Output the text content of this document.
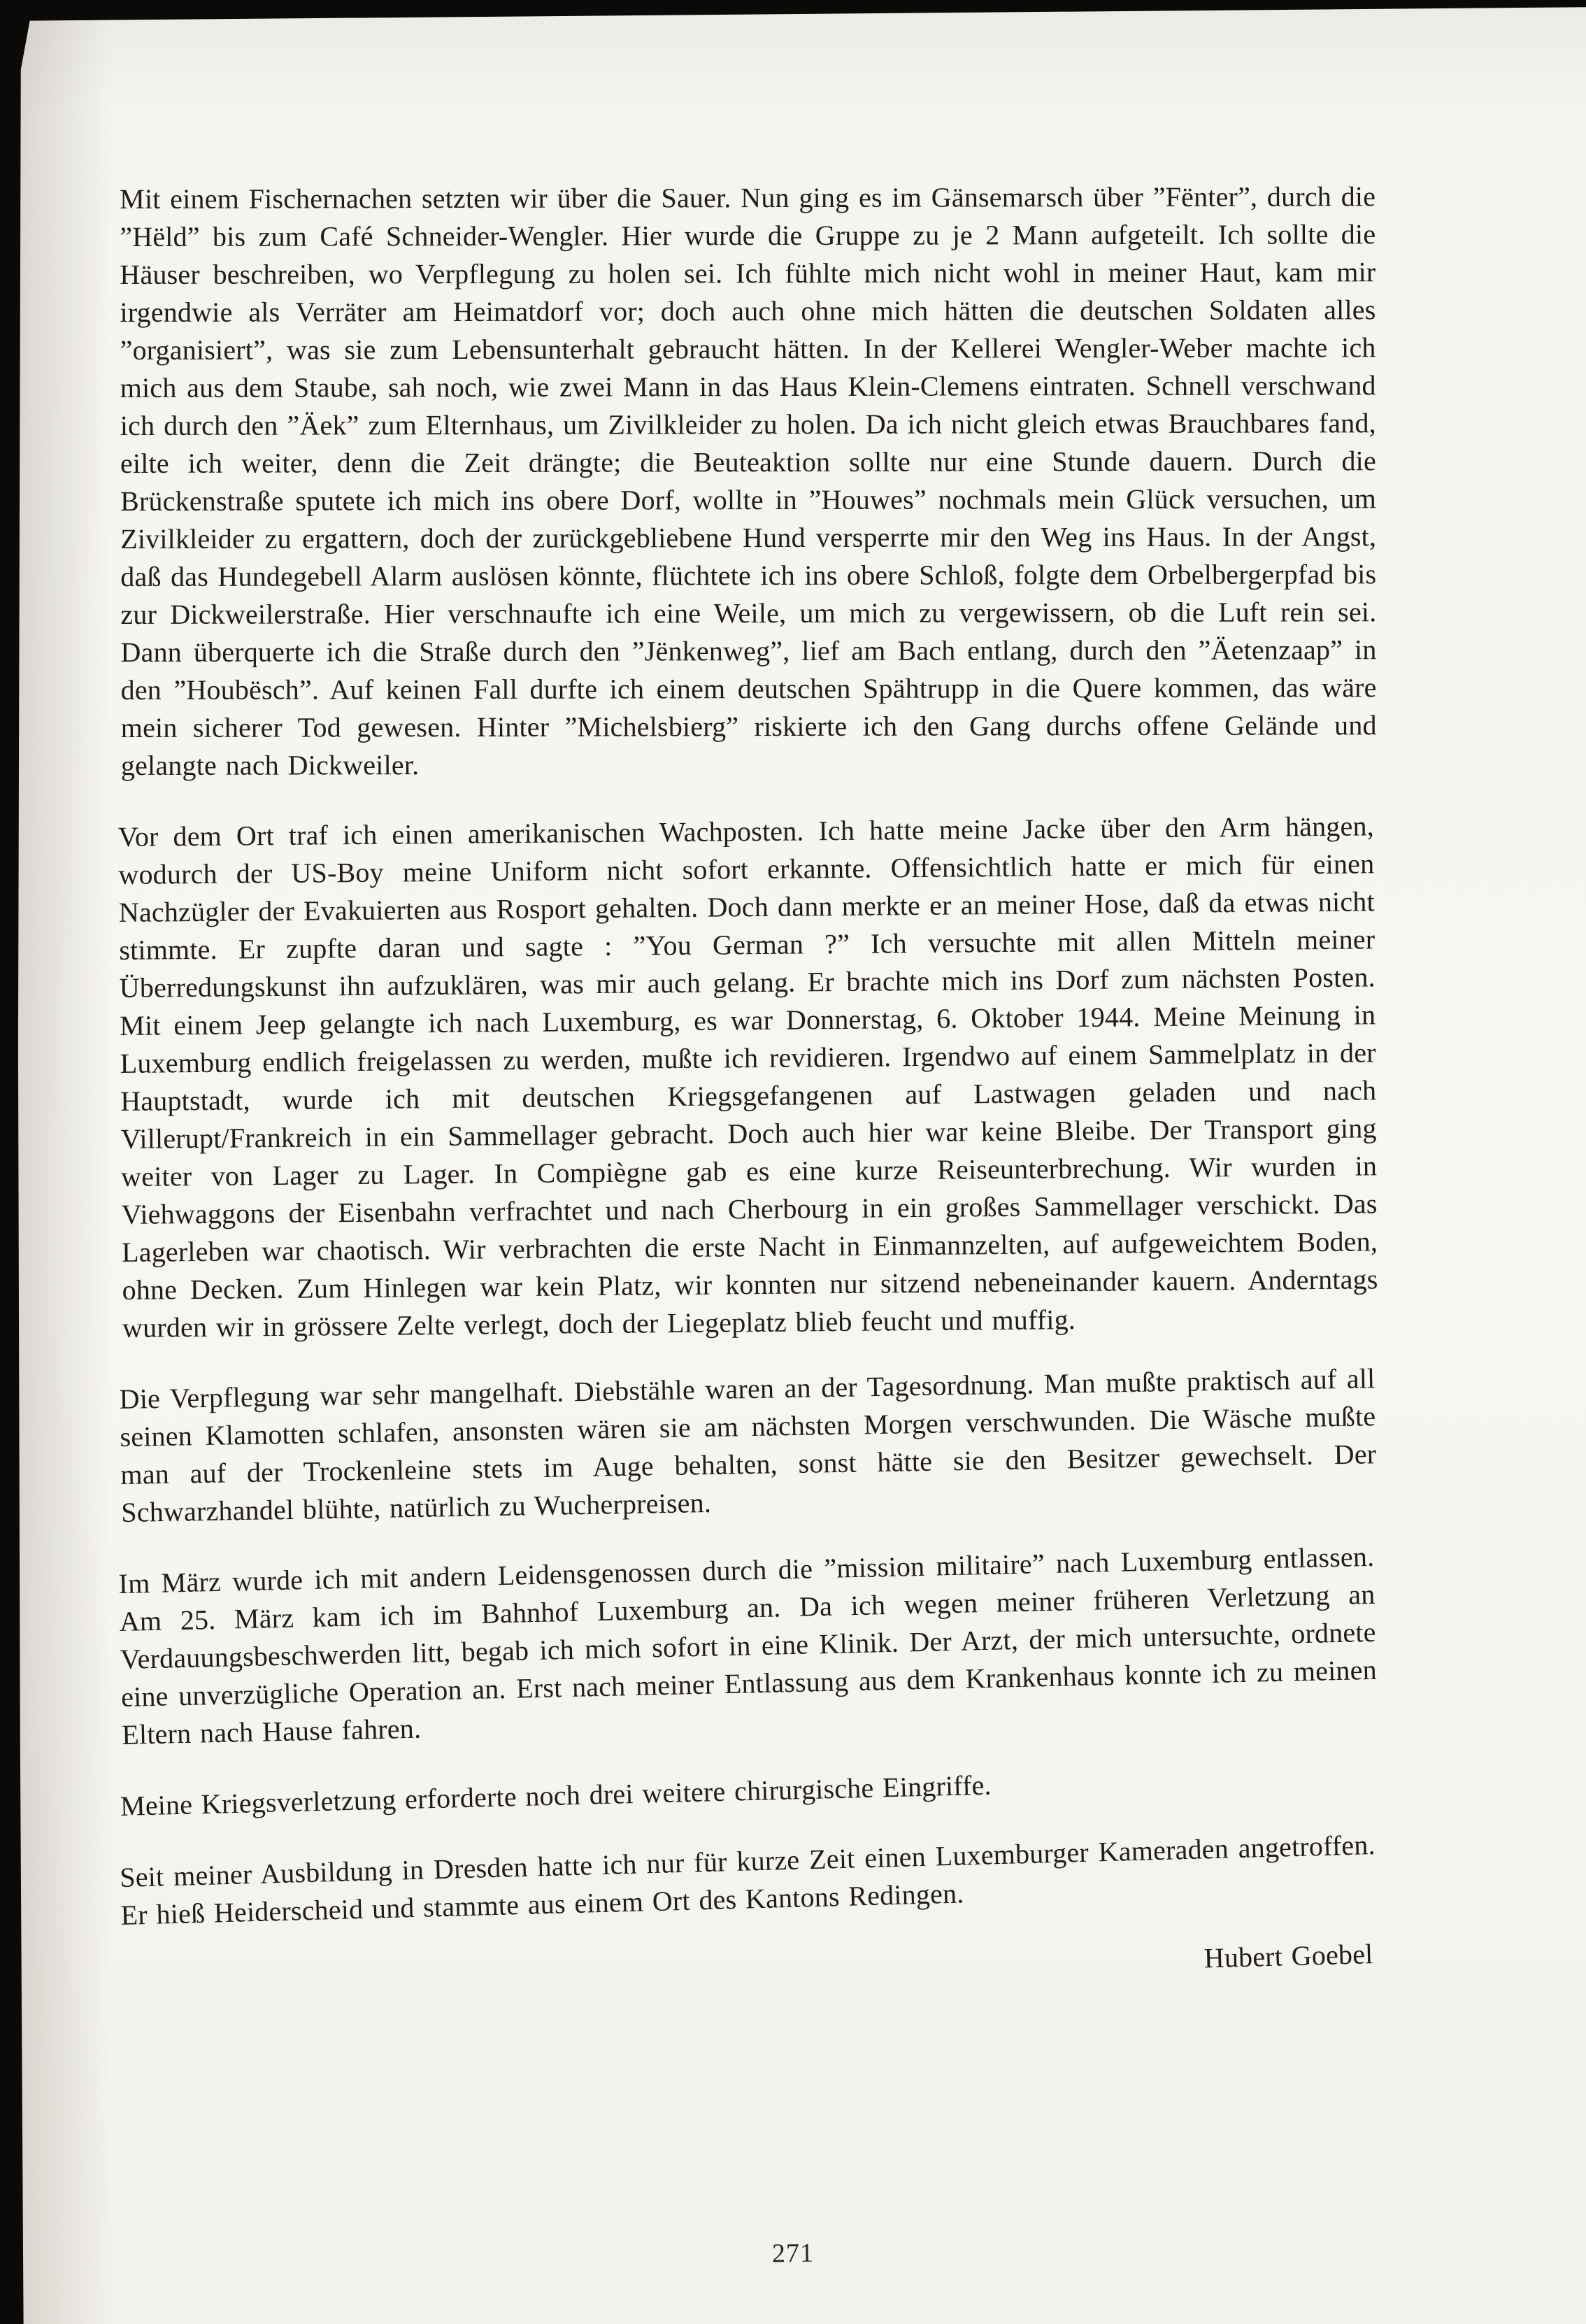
Mit einem Fischernachen setzten wir über die Sauer. Nun ging es im Gänsemarsch über ”Fënter”, durch die ”Hëld” bis zum Café Schneider-Wengler. Hier wurde die Gruppe zu je 2 Mann aufgeteilt. Ich sollte die Häuser beschreiben, wo Verpflegung zu holen sei. Ich fühlte mich nicht wohl in meiner Haut, kam mir irgendwie als Verräter am Heimatdorf vor; doch auch ohne mich hätten die deutschen Soldaten alles ”organisiert”, was sie zum Lebensunterhalt gebraucht hätten. In der Kellerei Wengler-Weber machte ich mich aus dem Staube, sah noch, wie zwei Mann in das Haus Klein-Clemens eintraten. Schnell verschwand ich durch den ”Äek” zum Elternhaus, um Zivilkleider zu holen. Da ich nicht gleich etwas Brauchbares fand, eilte ich weiter, denn die Zeit drängte; die Beuteaktion sollte nur eine Stunde dauern. Durch die Brückenstraße sputete ich mich ins obere Dorf, wollte in ”Houwes” nochmals mein Glück versuchen, um Zivilkleider zu ergattern, doch der zurückgebliebene Hund versperrte mir den Weg ins Haus. In der Angst, daß das Hundegebell Alarm auslösen könnte, flüchtete ich ins obere Schloß, folgte dem Orbelbergerpfad bis zur Dickweilerstraße. Hier verschnaufte ich eine Weile, um mich zu vergewissern, ob die Luft rein sei. Dann überquerte ich die Straße durch den ”Jënkenweg”, lief am Bach entlang, durch den ”Äetenzaap” in den ”Houbësch”. Auf keinen Fall durfte ich einem deutschen Spähtrupp in die Quere kommen, das wäre mein sicherer Tod gewesen. Hinter ”Michelsbierg” riskierte ich den Gang durchs offene Gelände und gelangte nach Dickweiler.

Vor dem Ort traf ich einen amerikanischen Wachposten. Ich hatte meine Jacke über den Arm hängen, wodurch der US-Boy meine Uniform nicht sofort erkannte. Offensichtlich hatte er mich für einen Nachzügler der Evakuierten aus Rosport gehalten. Doch dann merkte er an meiner Hose, daß da etwas nicht stimmte. Er zupfte daran und sagte : ”You German ?” Ich versuchte mit allen Mitteln meiner Überredungskunst ihn aufzuklären, was mir auch gelang. Er brachte mich ins Dorf zum nächsten Posten. Mit einem Jeep gelangte ich nach Luxemburg, es war Donnerstag, 6. Oktober 1944. Meine Meinung in Luxemburg endlich freigelassen zu werden, mußte ich revidieren. Irgendwo auf einem Sammelplatz in der Hauptstadt, wurde ich mit deutschen Kriegsgefangenen auf Lastwagen geladen und nach Villerupt/Frankreich in ein Sammellager gebracht. Doch auch hier war keine Bleibe. Der Transport ging weiter von Lager zu Lager. In Compiègne gab es eine kurze Reiseunterbrechung. Wir wurden in Viehwaggons der Eisenbahn verfrachtet und nach Cherbourg in ein großes Sammellager verschickt. Das Lagerleben war chaotisch. Wir verbrachten die erste Nacht in Einmannzelten, auf aufgeweichtem Boden, ohne Decken. Zum Hinlegen war kein Platz, wir konnten nur sitzend nebeneinander kauern. Anderntags wurden wir in grössere Zelte verlegt, doch der Liegeplatz blieb feucht und muffig.

Die Verpflegung war sehr mangelhaft. Diebstähle waren an der Tagesordnung. Man mußte praktisch auf all seinen Klamotten schlafen, ansonsten wären sie am nächsten Morgen verschwunden. Die Wäsche mußte man auf der Trockenleine stets im Auge behalten, sonst hätte sie den Besitzer gewechselt. Der Schwarzhandel blühte, natürlich zu Wucherpreisen.

Im März wurde ich mit andern Leidensgenossen durch die ”mission militaire” nach Luxemburg entlassen. Am 25. März kam ich im Bahnhof Luxemburg an. Da ich wegen meiner früheren Verletzung an Verdauungsbeschwerden litt, begab ich mich sofort in eine Klinik. Der Arzt, der mich untersuchte, ordnete eine unverzügliche Operation an. Erst nach meiner Entlassung aus dem Krankenhaus konnte ich zu meinen Eltern nach Hause fahren.

Meine Kriegsverletzung erforderte noch drei weitere chirurgische Eingriffe.

Seit meiner Ausbildung in Dresden hatte ich nur für kurze Zeit einen Luxemburger Kameraden angetroffen. Er hieß Heiderscheid und stammte aus einem Ort des Kantons Redingen.

Hubert Goebel

271
